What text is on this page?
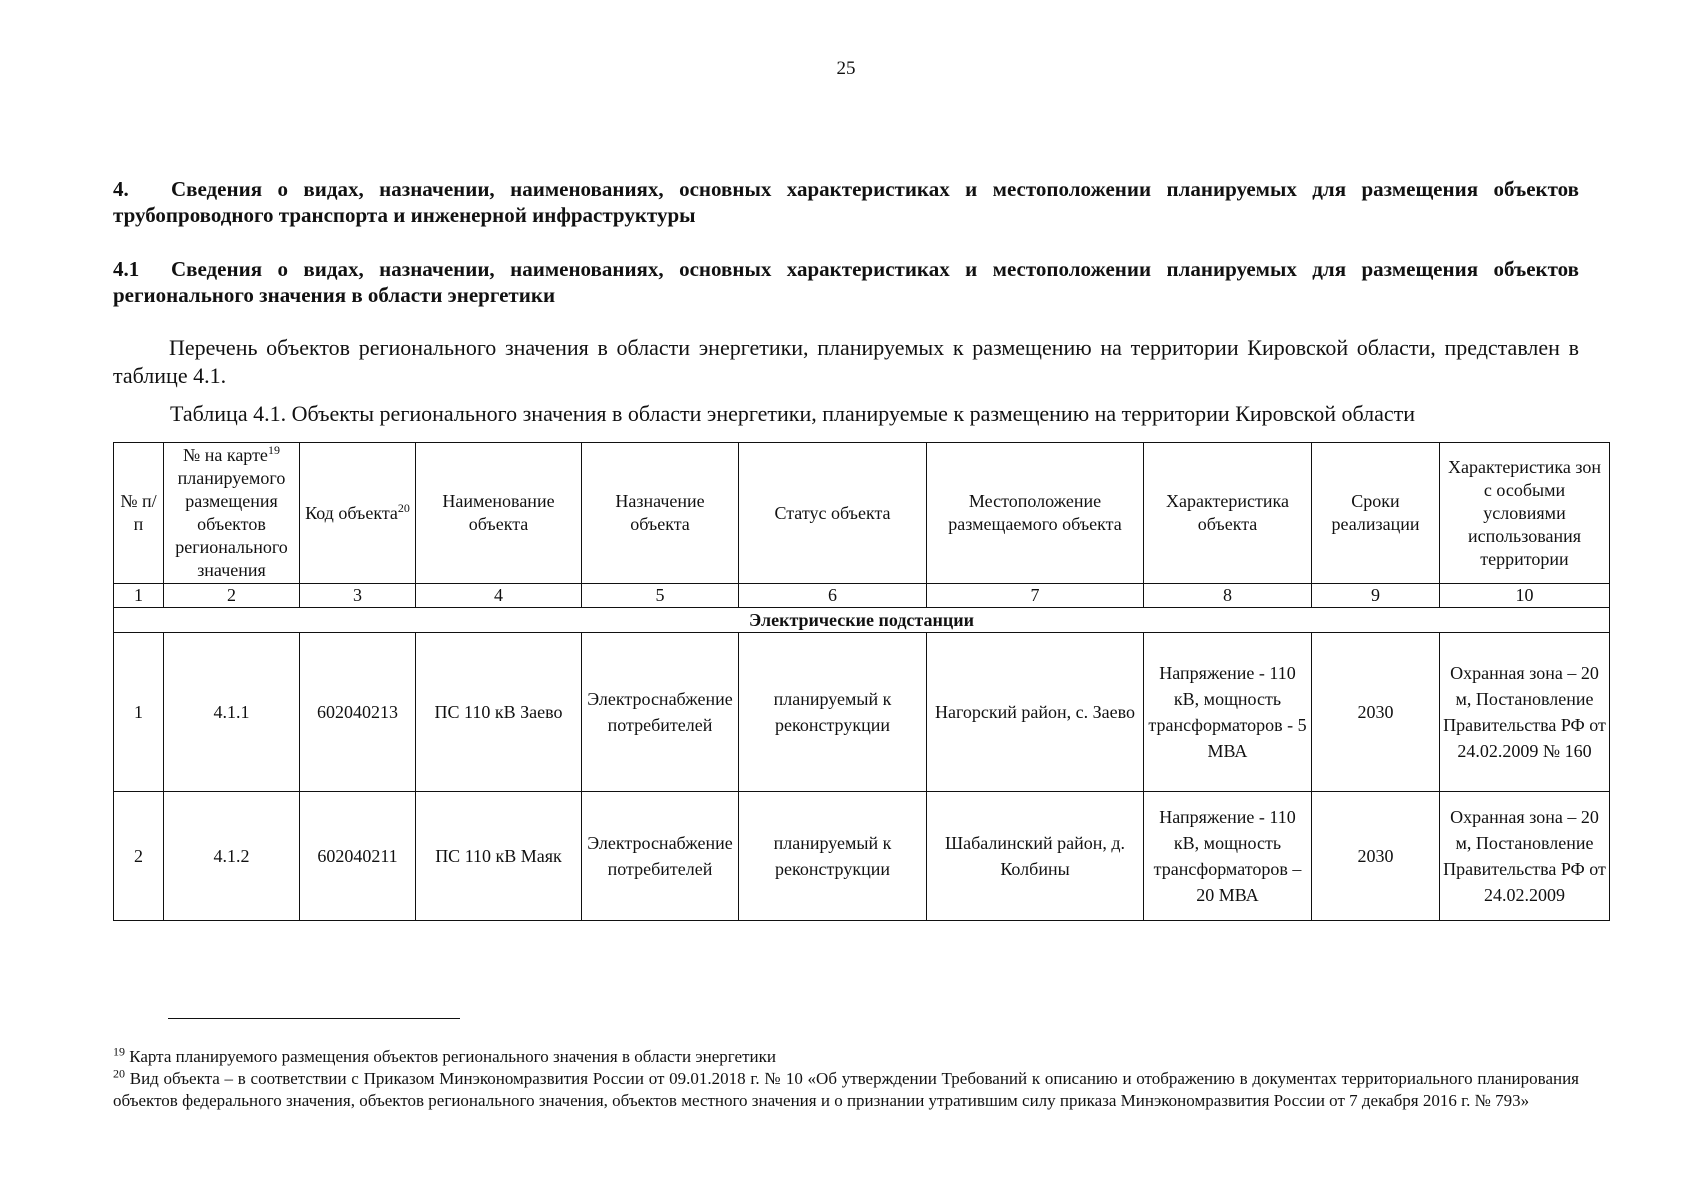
25
4. Сведения о видах, назначении, наименованиях, основных характеристиках и местоположении планируемых для размещения объектов трубопроводного транспорта и инженерной инфраструктуры
4.1 Сведения о видах, назначении, наименованиях, основных характеристиках и местоположении планируемых для размещения объектов регионального значения в области энергетики
Перечень объектов регионального значения в области энергетики, планируемых к размещению на территории Кировской области, представлен в таблице 4.1.
Таблица 4.1. Объекты регионального значения в области энергетики, планируемые к размещению на территории Кировской области
№ п/п	№ на карте$^{19}$ планируемого размещения объектов регионального значения	Код объекта$^{20}$	Наименование объекта	Назначение объекта	Статус объекта	Местоположение размещаемого объекта	Характеристика объекта	Сроки реализации	Характеристика зон с особыми условиями использования территории
1	2	3	4	5	6	7	8	9	10
Электрические подстанции									
1	4.1.1	602040213	ПС 110 кВ Заево	Электроснабжение потребителей	планируемый к реконструкции	Нагорский район, с. Заево	Напряжение - 110 кВ, мощность трансформаторов - 5 МВА	2030	Охранная зона – 20 м, Постановление Правительства РФ от 24.02.2009 № 160
2	4.1.2	602040211	ПС 110 кВ Маяк	Электроснабжение потребителей	планируемый к реконструкции	Шабалинский район, д. Колбины	Напряжение - 110 кВ, мощность трансформаторов – 20 МВА	2030	Охранная зона – 20 м, Постановление Правительства РФ от 24.02.2009

$^{19}$ Карта планируемого размещения объектов регионального значения в области энергетики

$^{20}$ Вид объекта – в соответствии с Приказом Минэкономразвития России от 09.01.2018 г. № 10 «Об утверждении Требований к описанию и отображению в документах территориального планирования объектов федерального значения, объектов регионального значения, объектов местного значения и о признании утратившим силу приказа Минэкономразвития России от 7 декабря 2016 г. № 793»
